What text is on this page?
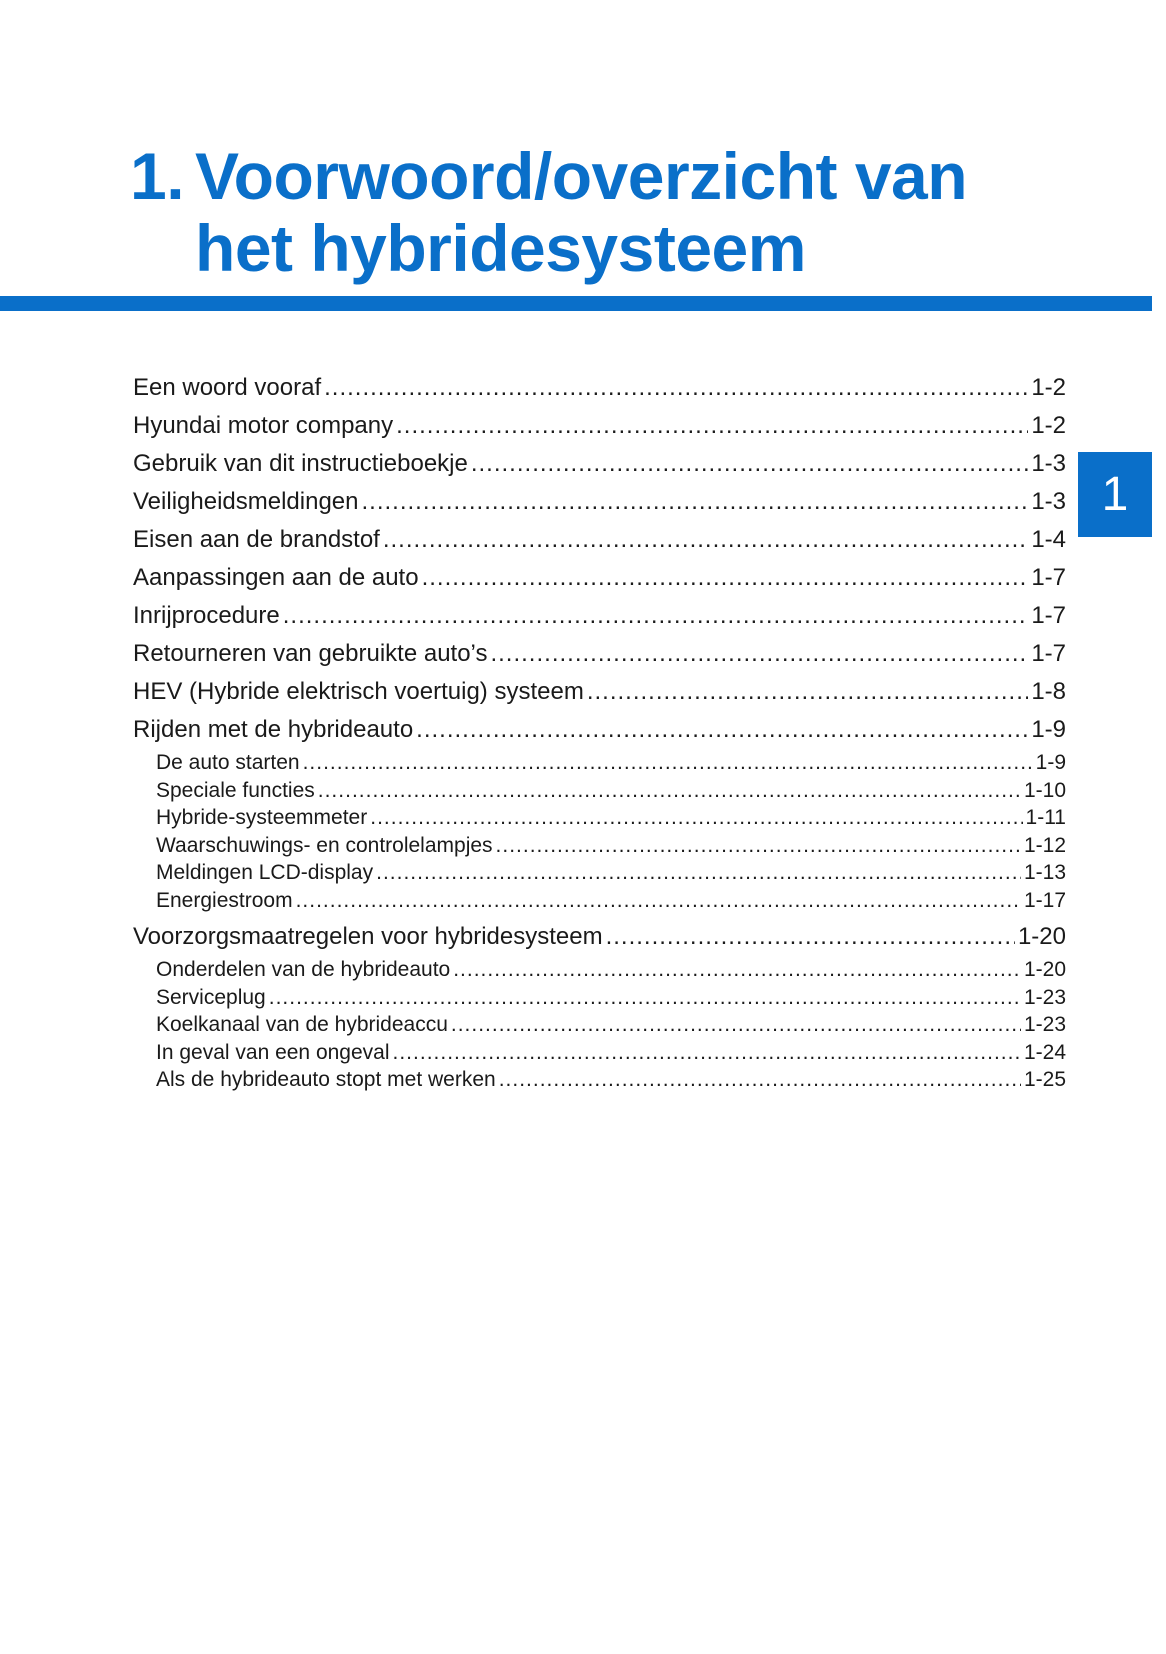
1. Voorwoord/overzicht van
het hybridesysteem
1
Een woord vooraf .....	1-2
Hyundai motor company .....	1-2
Gebruik van dit instructieboekje .....	1-3
Veiligheidsmeldingen .....	1-3
Eisen aan de brandstof .....	1-4
Aanpassingen aan de auto .....	1-7
Inrijprocedure .....	1-7
Retourneren van gebruikte auto’s .....	1-7
HEV (Hybride elektrisch voertuig) systeem .....	1-8
Rijden met de hybrideauto .....	1-9
De auto starten .....	1-9
Speciale functies .....	1-10
Hybride-systeemmeter .....	1-11
Waarschuwings- en controlelampjes .....	1-12
Meldingen LCD-display .....	1-13
Energiestroom .....	1-17
Voorzorgsmaatregelen voor hybridesysteem .....	1-20
Onderdelen van de hybrideauto .....	1-20
Serviceplug .....	1-23
Koelkanaal van de hybrideaccu .....	1-23
In geval van een ongeval .....	1-24
Als de hybrideauto stopt met werken .....	1-25
